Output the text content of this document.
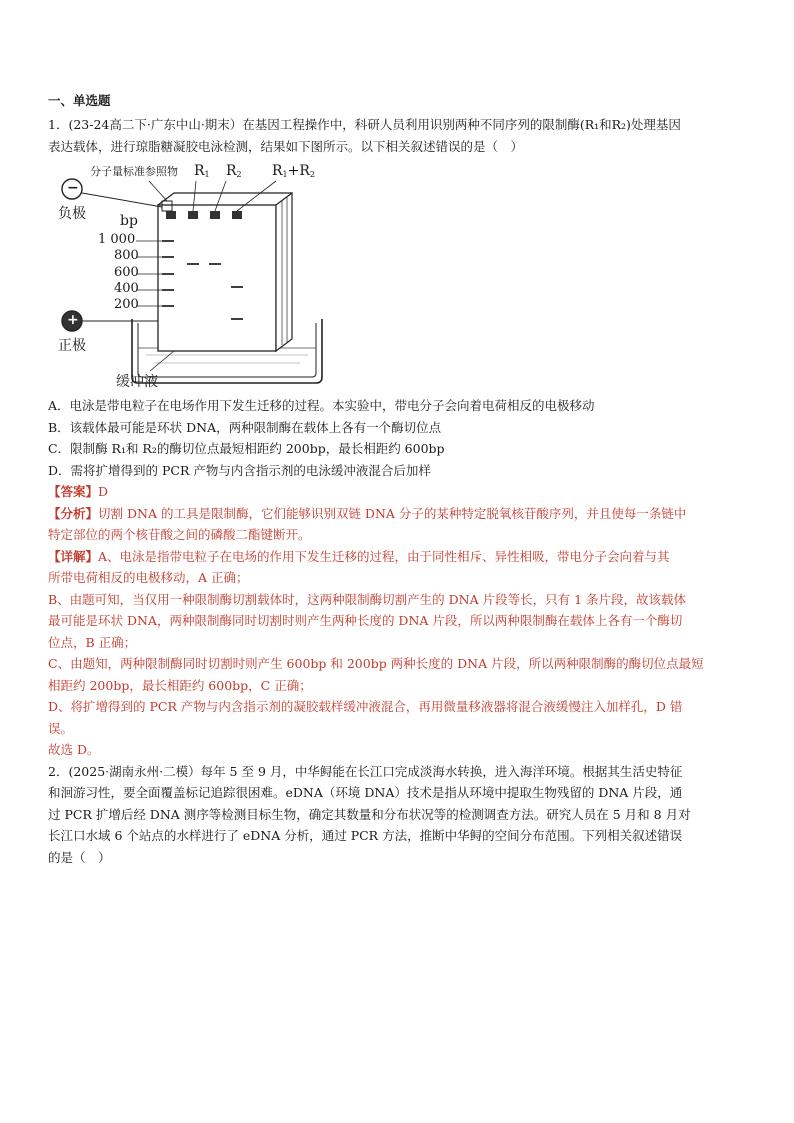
一、单选题

1．(23-24高二下·广东中山·期末）在基因工程操作中，科研人员利用识别两种不同序列的限制酶(R₁和R₂)处理基因

表达载体，进行琼脂糖凝胶电泳检测，结果如下图所示。以下相关叙述错误的是（　）

分子量标准参照物 $R_1$ $R_2$ $R_1+R_2$
−
+
负极
正极
bp
1 000
800
600
400
200
缓冲液

A．电泳是带电粒子在电场作用下发生迁移的过程。本实验中，带电分子会向着电荷相反的电极移动

B．该载体最可能是环状 DNA，两种限制酶在载体上各有一个酶切位点

C．限制酶 R₁和 R₂的酶切位点最短相距约 200bp，最长相距约 600bp

D．需将扩增得到的 PCR 产物与内含指示剂的电泳缓冲液混合后加样

【答案】D

【分析】切割 DNA 的工具是限制酶，它们能够识别双链 DNA 分子的某种特定脱氧核苷酸序列，并且使每一条链中

特定部位的两个核苷酸之间的磷酸二酯键断开。

【详解】A、电泳是指带电粒子在电场的作用下发生迁移的过程，由于同性相斥、异性相吸，带电分子会向着与其

所带电荷相反的电极移动，A 正确；

B、由题可知，当仅用一种限制酶切割载体时，这两种限制酶切割产生的 DNA 片段等长，只有 1 条片段，故该载体

最可能是环状 DNA，两种限制酶同时切割时则产生两种长度的 DNA 片段，所以两种限制酶在载体上各有一个酶切

位点，B 正确；

C、由题知，两种限制酶同时切割时则产生 600bp 和 200bp 两种长度的 DNA 片段，所以两种限制酶的酶切位点最短

相距约 200bp，最长相距约 600bp，C 正确；

D、将扩增得到的 PCR 产物与内含指示剂的凝胶载样缓冲液混合，再用微量移液器将混合液缓慢注入加样孔，D 错

误。

故选 D。

2．(2025·湖南永州·二模）每年 5 至 9 月，中华鲟能在长江口完成淡海水转换，进入海洋环境。根据其生活史特征

和洄游习性，要全面覆盖标记追踪很困难。eDNA（环境 DNA）技术是指从环境中提取生物残留的 DNA 片段，通

过 PCR 扩增后经 DNA 测序等检测目标生物，确定其数量和分布状况等的检测调查方法。研究人员在 5 月和 8 月对

长江口水域 6 个站点的水样进行了 eDNA 分析，通过 PCR 方法，推断中华鲟的空间分布范围。下列相关叙述错误

的是（　）
